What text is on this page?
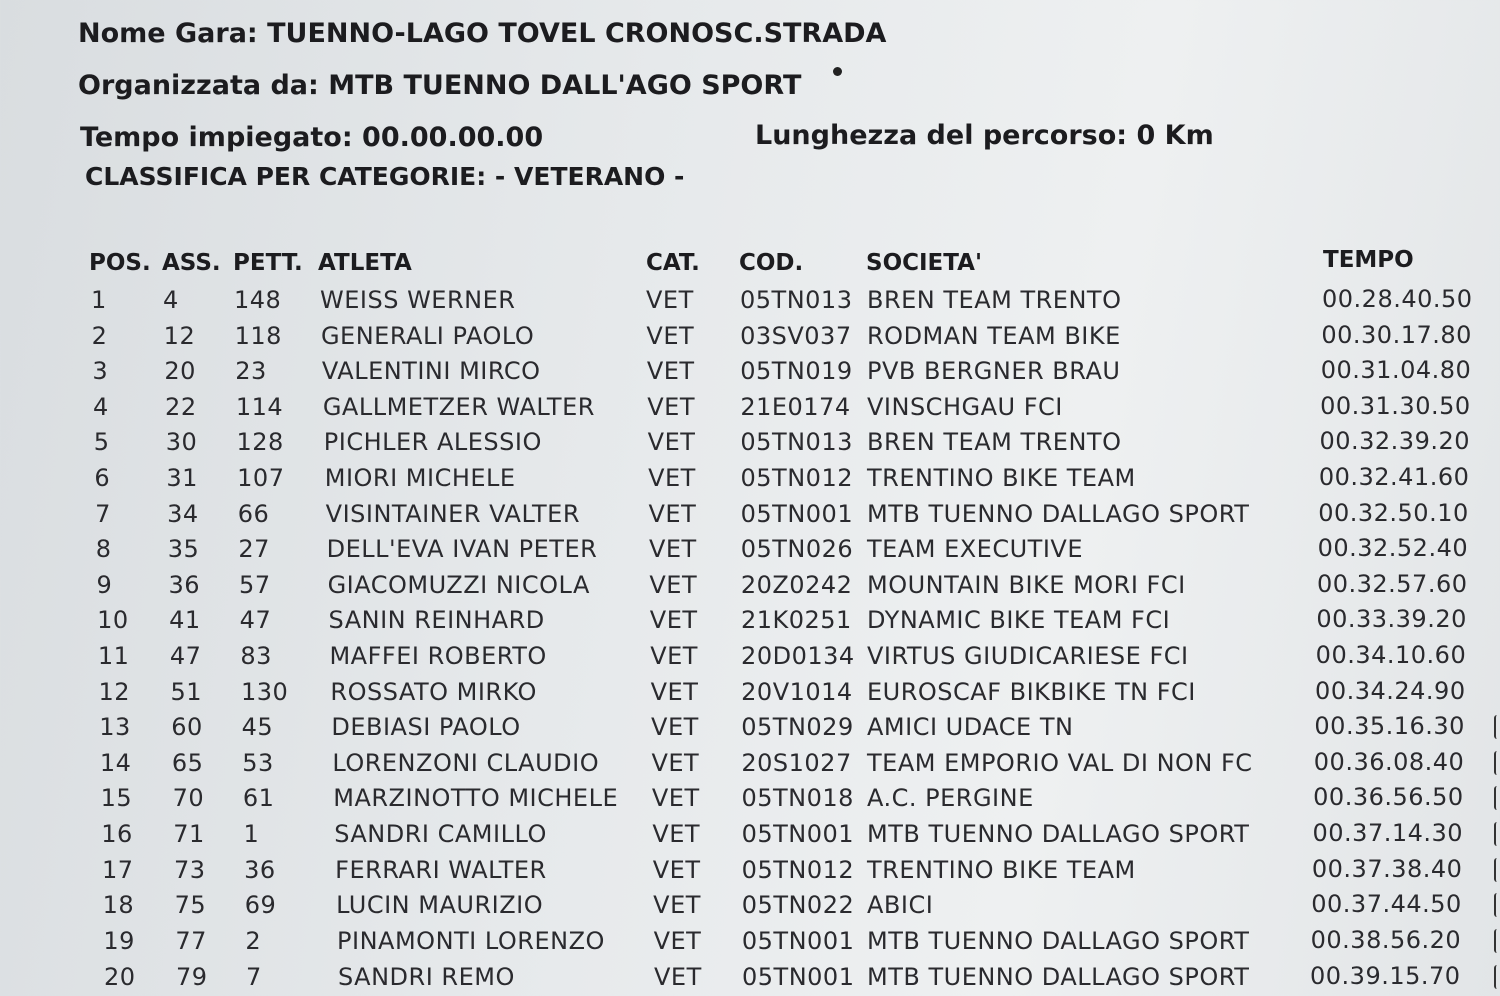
Nome Gara: TUENNO-LAGO TOVEL CRONOSC.STRADA
Organizzata da: MTB TUENNO DALL'AGO SPORT
Tempo impiegato: 00.00.00.00	Lunghezza del percorso: 0 Km
CLASSIFICA PER CATEGORIE: - VETERANO -
POS. ASS. PETT. ATLETA	CAT. COD.	SOCIETA'	TEMPO
1 4 148 WEISS WERNER	VET 05TN013 BREN TEAM TRENTO	00.28.40.50
2 12 118 GENERALI PAOLO	VET 03SV037 RODMAN TEAM BIKE	00.30.17.80
3 20 23 VALENTINI MIRCO	VET 05TN019 PVB BERGNER BRAU	00.31.04.80
4 22 114 GALLMETZER WALTER VET 21E0174 VINSCHGAU FCI	00.31.30.50
5 30 128 PICHLER ALESSIO	VET 05TN013 BREN TEAM TRENTO	00.32.39.20
6 31 107 MIORI MICHELE	VET 05TN012 TRENTINO BIKE TEAM	00.32.41.60
7 34 66 VISINTAINER VALTER	VET 05TN001 MTB TUENNO DALLAGO SPORT	00.32.50.10
8 35 27 DELL'EVA IVAN PETER VET 05TN026 TEAM EXECUTIVE	00.32.52.40
9 36 57 GIACOMUZZI NICOLA VET 20Z0242 MOUNTAIN BIKE MORI FCI	00.32.57.60
10 41 47 SANIN REINHARD	VET 21K0251 DYNAMIC BIKE TEAM FCI	00.33.39.20
11 47 83 MAFFEI ROBERTO	VET 20D0134 VIRTUS GIUDICARIESE FCI	00.34.10.60
12 51 130 ROSSATO MIRKO	VET 20V1014 EUROSCAF BIKBIKE TN FCI	00.34.24.90
13 60 45 DEBIASI PAOLO	VET 05TN029 AMICI UDACE TN	00.35.16.30
14 65 53 LORENZONI CLAUDIO VET 20S1027 TEAM EMPORIO VAL DI NON FC	00.36.08.40
15 70 61 MARZINOTTO MICHELE VET 05TN018 A.C. PERGINE	00.36.56.50
16 71 1	SANDRI CAMILLO	VET 05TN001 MTB TUENNO DALLAGO SPORT	00.37.14.30
17 73 36 FERRARI WALTER	VET 05TN012 TRENTINO BIKE TEAM	00.37.38.40
18 75 69 LUCIN MAURIZIO	VET 05TN022 ABICI	00.37.44.50
19 77 2	PINAMONTI LORENZO VET 05TN001 MTB TUENNO DALLAGO SPORT	00.38.56.20
20 79 7	SANDRI REMO	VET 05TN001 MTB TUENNO DALLAGO SPORT	00.39.15.70
